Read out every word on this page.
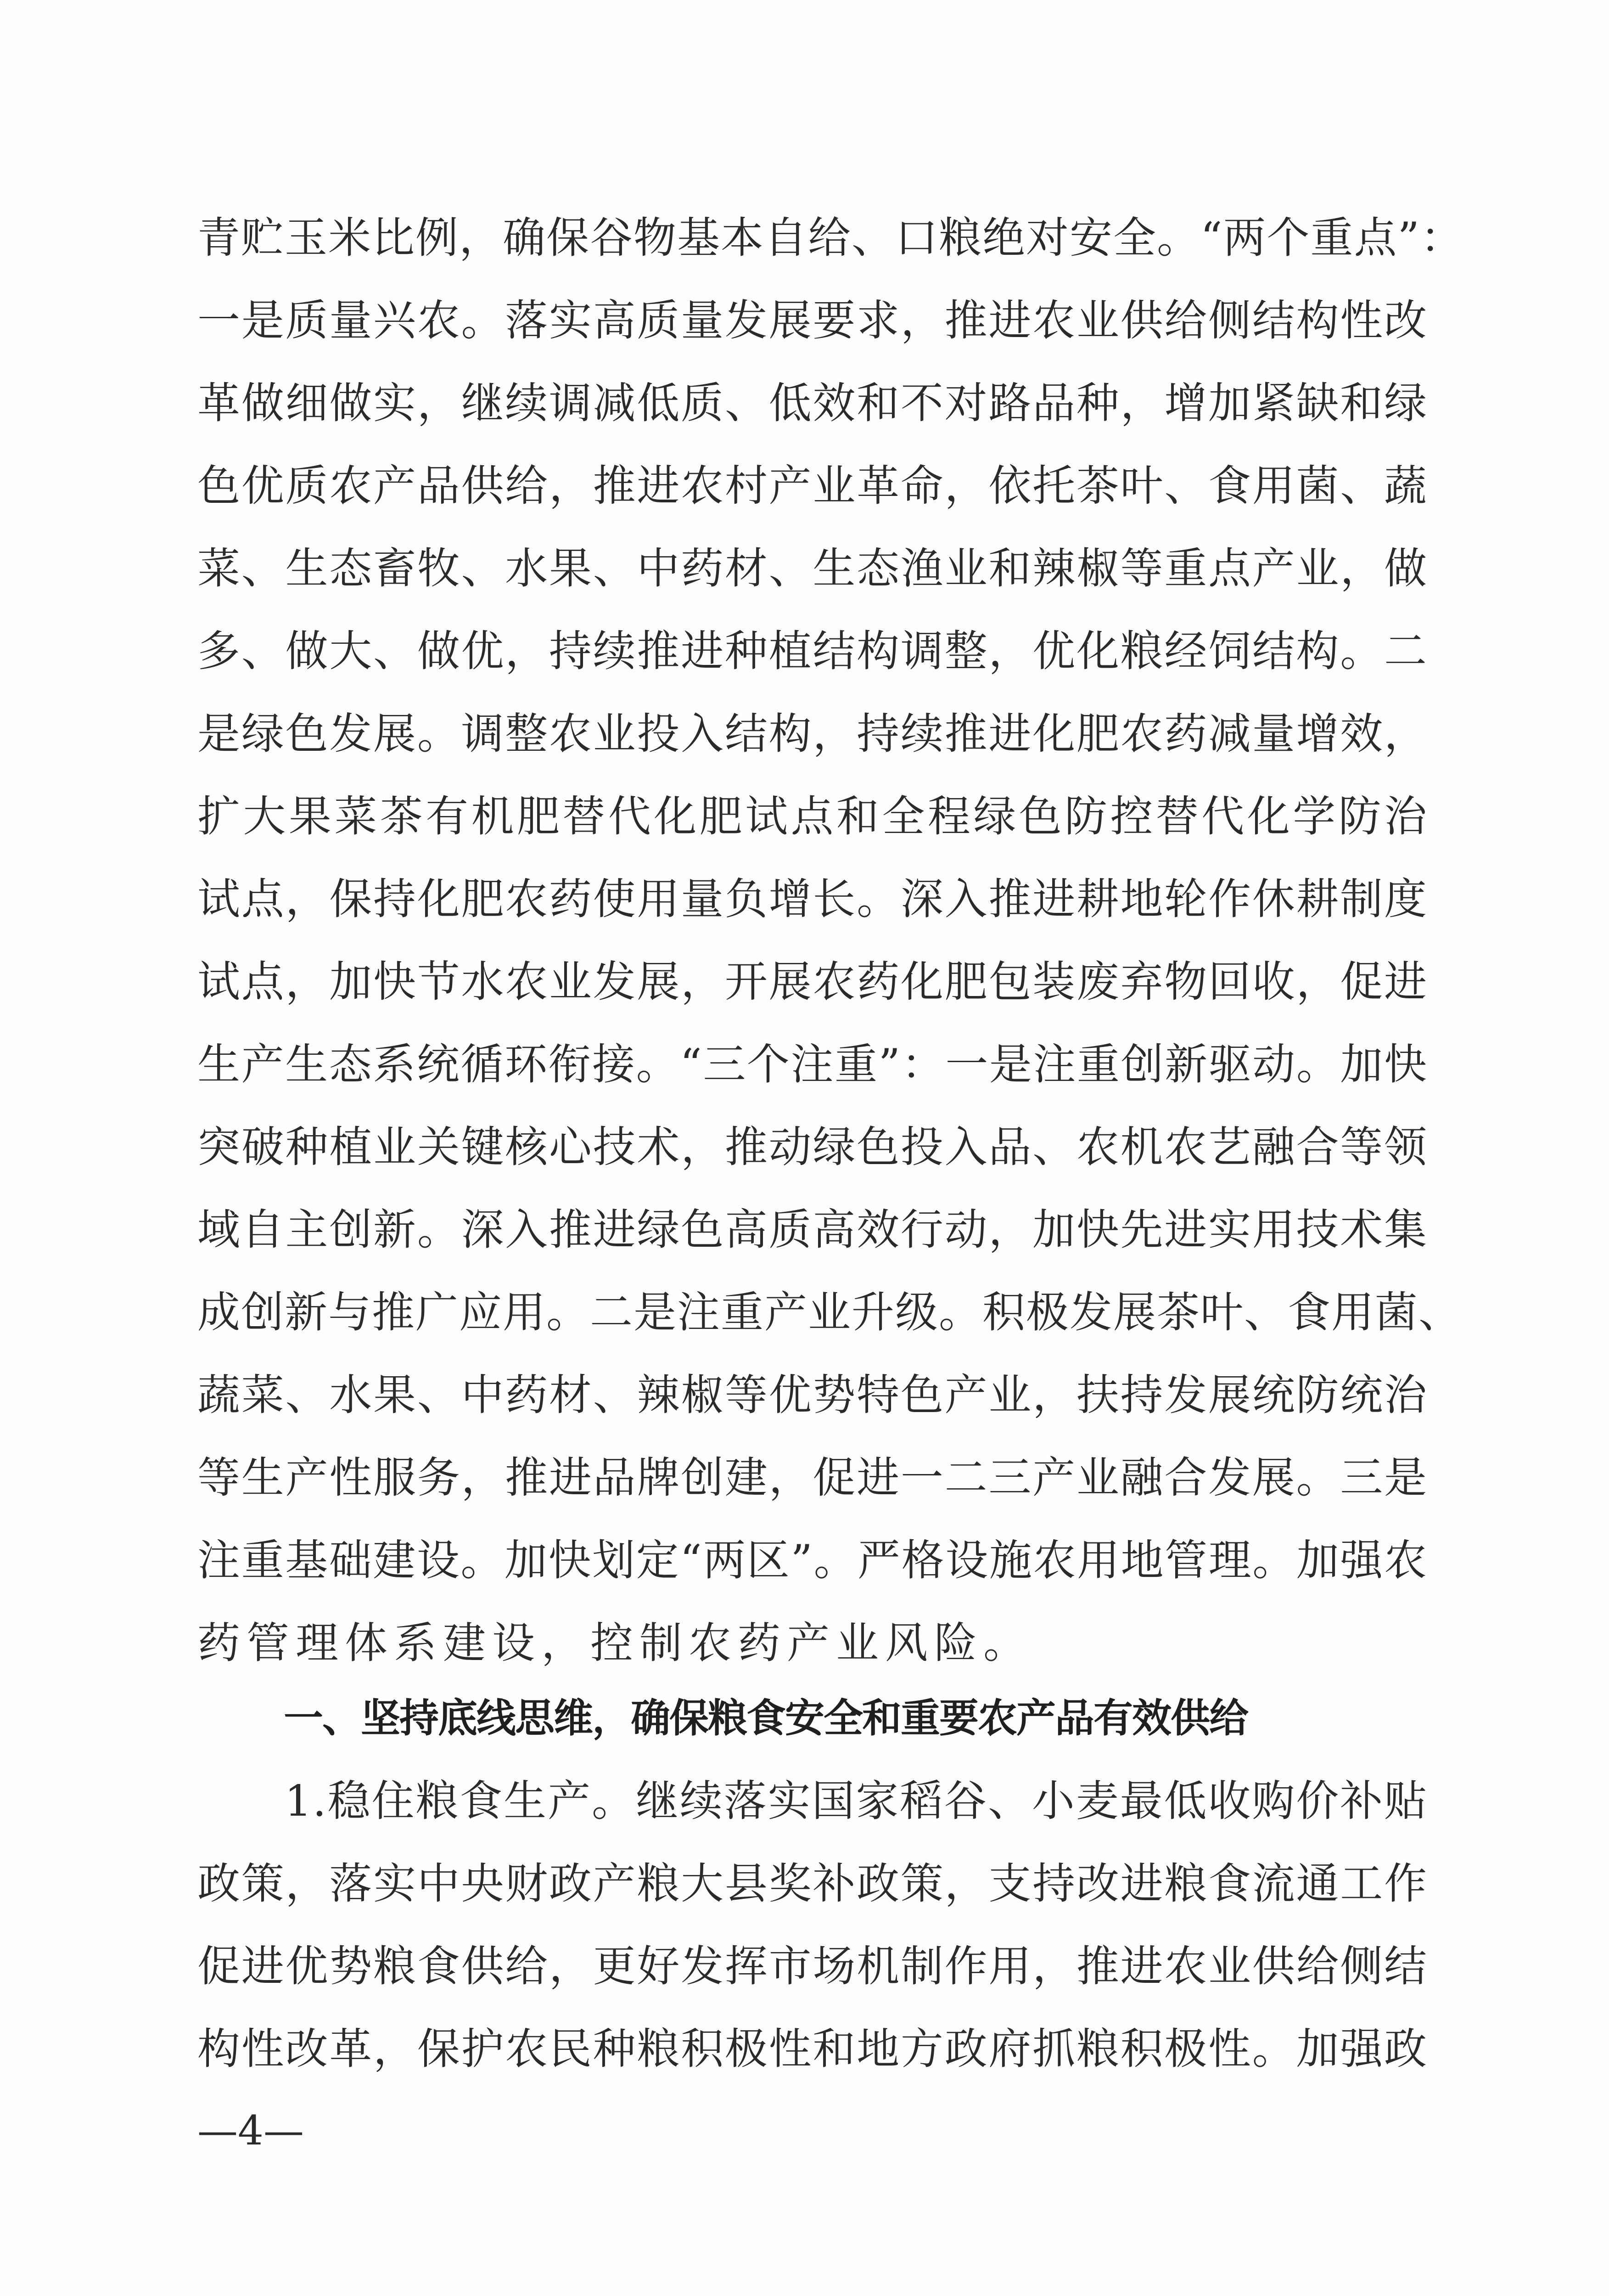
青贮玉米比例，确保谷物基本自给、口粮绝对安全。“两个重点”：
一是质量兴农。落实高质量发展要求，推进农业供给侧结构性改
革做细做实，继续调减低质、低效和不对路品种，增加紧缺和绿
色优质农产品供给，推进农村产业革命，依托茶叶、食用菌、蔬
菜、生态畜牧、水果、中药材、生态渔业和辣椒等重点产业，做
多、做大、做优，持续推进种植结构调整，优化粮经饲结构。二
是绿色发展。调整农业投入结构，持续推进化肥农药减量增效，
扩大果菜茶有机肥替代化肥试点和全程绿色防控替代化学防治
试点，保持化肥农药使用量负增长。深入推进耕地轮作休耕制度
试点，加快节水农业发展，开展农药化肥包装废弃物回收，促进
生产生态系统循环衔接。“三个注重”：一是注重创新驱动。加快
突破种植业关键核心技术，推动绿色投入品、农机农艺融合等领
域自主创新。深入推进绿色高质高效行动，加快先进实用技术集
成创新与推广应用。二是注重产业升级。积极发展茶叶、食用菌、
蔬菜、水果、中药材、辣椒等优势特色产业，扶持发展统防统治
等生产性服务，推进品牌创建，促进一二三产业融合发展。三是
注重基础建设。加快划定“两区”。严格设施农用地管理。加强农
药管理体系建设，控制农药产业风险。
一、坚持底线思维，确保粮食安全和重要农产品有效供给
1.稳住粮食生产。继续落实国家稻谷、小麦最低收购价补贴
政策，落实中央财政产粮大县奖补政策，支持改进粮食流通工作
促进优势粮食供给，更好发挥市场机制作用，推进农业供给侧结
构性改革，保护农民种粮积极性和地方政府抓粮积极性。加强政
—4—
